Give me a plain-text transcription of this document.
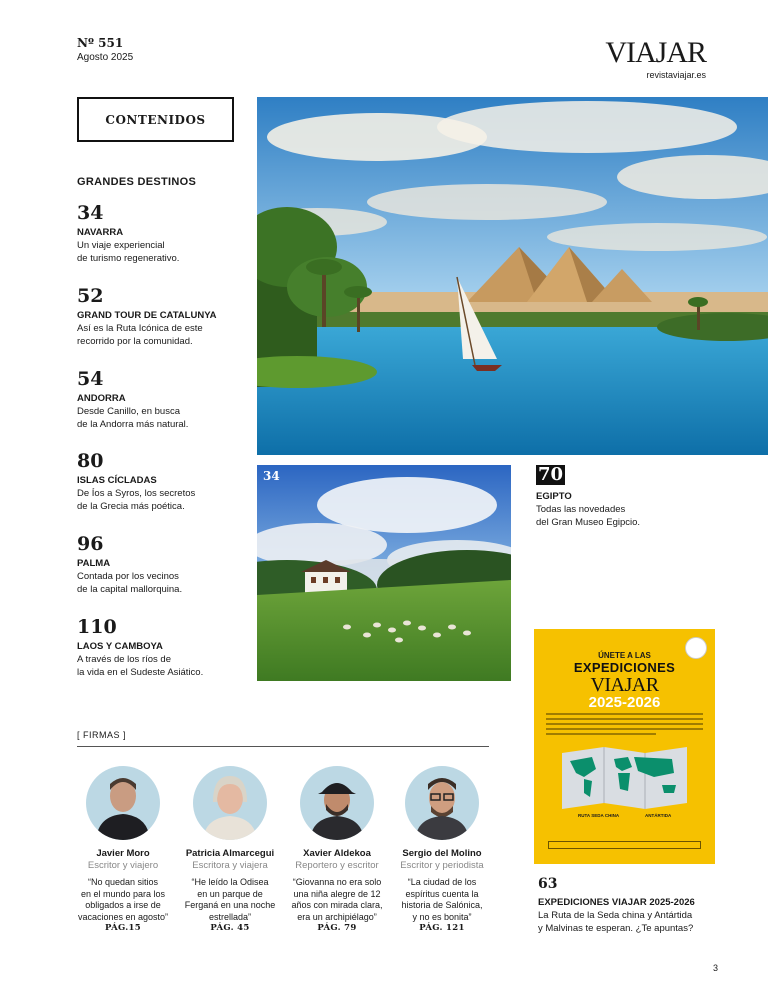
Nº 551
Agosto 2025	VIAJAR
revistaviajar.es
CONTENIDOS
GRANDES DESTINOS
34
NAVARRA
Un viaje experiencial
de turismo regenerativo.
52
GRAND TOUR DE CATALUNYA
Así es la Ruta Icónica de este
recorrido por la comunidad.
54
ANDORRA
Desde Canillo, en busca
de la Andorra más natural.
80
ISLAS CÍCLADAS
De Íos a Syros, los secretos
de la Grecia más poética.
96
PALMA
Contada por los vecinos
de la capital mallorquina.
110
LAOS Y CAMBOYA
A través de los ríos de
la vida en el Sudeste Asiático.
34	70
EGIPTO
Todas las novedades
del Gran Museo Egipcio.
ÚNETE A LAS
EXPEDICIONES
VIAJAR
2025-2026
RUTA SEDA CHINA	ANTÁRTIDA
63
EXPEDICIONES VIAJAR 2025-2026
La Ruta de la Seda china y Antártida
y Malvinas te esperan. ¿Te apuntas?
[ FIRMAS ]
Javier Moro
Escritor y viajero
“No quedan sitios
en el mundo para los
obligados a irse de
vacaciones en agosto”
PÁG.15
Patricia Almarcegui
Escritora y viajera
“He leído la Odisea
en un parque de
Ferganá en una noche
estrellada”
PÁG. 45
Xavier Aldekoa
Reportero y escritor
“Giovanna no era solo
una niña alegre de 12
años con mirada clara,
era un archipiélago”
PÁG. 79
Sergio del Molino
Escritor y periodista
“La ciudad de los
espíritus cuenta la
historia de Salónica,
y no es bonita”
PÁG. 121
3
